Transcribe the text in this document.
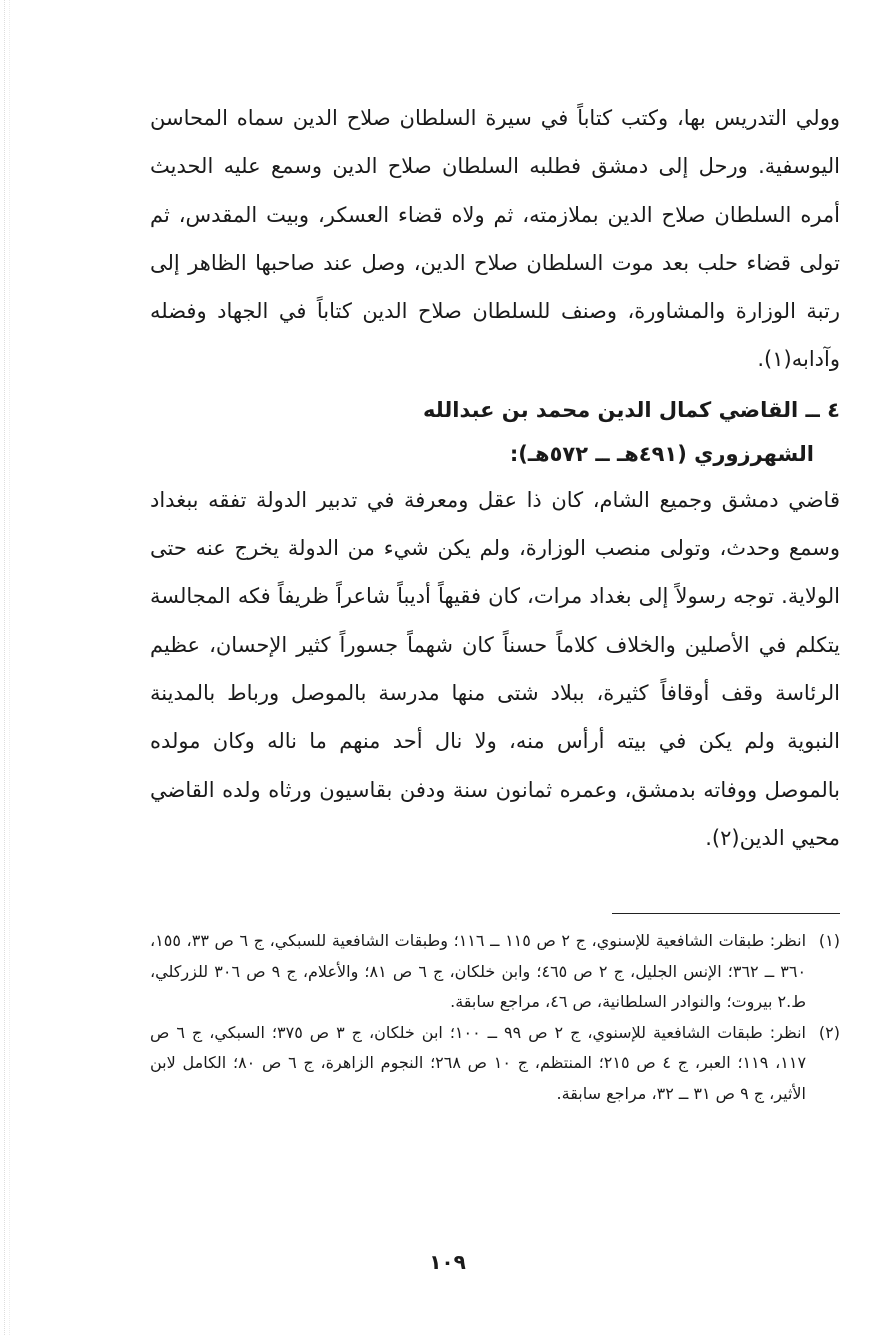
وولي التدريس بها، وكتب كتاباً في سيرة السلطان صلاح الدين سماه المحاسن اليوسفية. ورحل إلى دمشق فطلبه السلطان صلاح الدين وسمع عليه الحديث أمره السلطان صلاح الدين بملازمته، ثم ولاه قضاء العسكر، وبيت المقدس، ثم تولى قضاء حلب بعد موت السلطان صلاح الدين، وصل عند صاحبها الظاهر إلى رتبة الوزارة والمشاورة، وصنف للسلطان صلاح الدين كتاباً في الجهاد وفضله وآدابه(١).

٤ ــ القاضي كمال الدين محمد بن عبدالله

الشهرزوري (٤٩١هـ ــ ٥٧٢هـ):

قاضي دمشق وجميع الشام، كان ذا عقل ومعرفة في تدبير الدولة تفقه ببغداد وسمع وحدث، وتولى منصب الوزارة، ولم يكن شيء من الدولة يخرج عنه حتى الولاية. توجه رسولاً إلى بغداد مرات، كان فقيهاً أديباً شاعراً ظريفاً فكه المجالسة يتكلم في الأصلين والخلاف كلاماً حسناً كان شهماً جسوراً كثير الإحسان، عظيم الرئاسة وقف أوقافاً كثيرة، ببلاد شتى منها مدرسة بالموصل ورباط بالمدينة النبوية ولم يكن في بيته أرأس منه، ولا نال أحد منهم ما ناله وكان مولده بالموصل ووفاته بدمشق، وعمره ثمانون سنة ودفن بقاسيون ورثاه ولده القاضي محيي الدين(٢).

(١)
انظر: طبقات الشافعية للإسنوي، ج ٢ ص ١١٥ ــ ١١٦؛ وطبقات الشافعية للسبكي، ج ٦ ص ٣٣، ١٥٥، ٣٦٠ ــ ٣٦٢؛ الإنس الجليل، ج ٢ ص ٤٦٥؛ وابن خلكان، ج ٦ ص ٨١؛ والأعلام، ج ٩ ص ٣٠٦ للزركلي، ط.٢ بيروت؛ والنوادر السلطانية، ص ٤٦، مراجع سابقة.
(٢)
انظر: طبقات الشافعية للإسنوي، ج ٢ ص ٩٩ ــ ١٠٠؛ ابن خلكان، ج ٣ ص ٣٧٥؛ السبكي، ج ٦ ص ١١٧، ١١٩؛ العبر، ج ٤ ص ٢١٥؛ المنتظم، ج ١٠ ص ٢٦٨؛ النجوم الزاهرة، ج ٦ ص ٨٠؛ الكامل لابن الأثير، ج ٩ ص ٣١ ــ ٣٢، مراجع سابقة.
١٠٩
